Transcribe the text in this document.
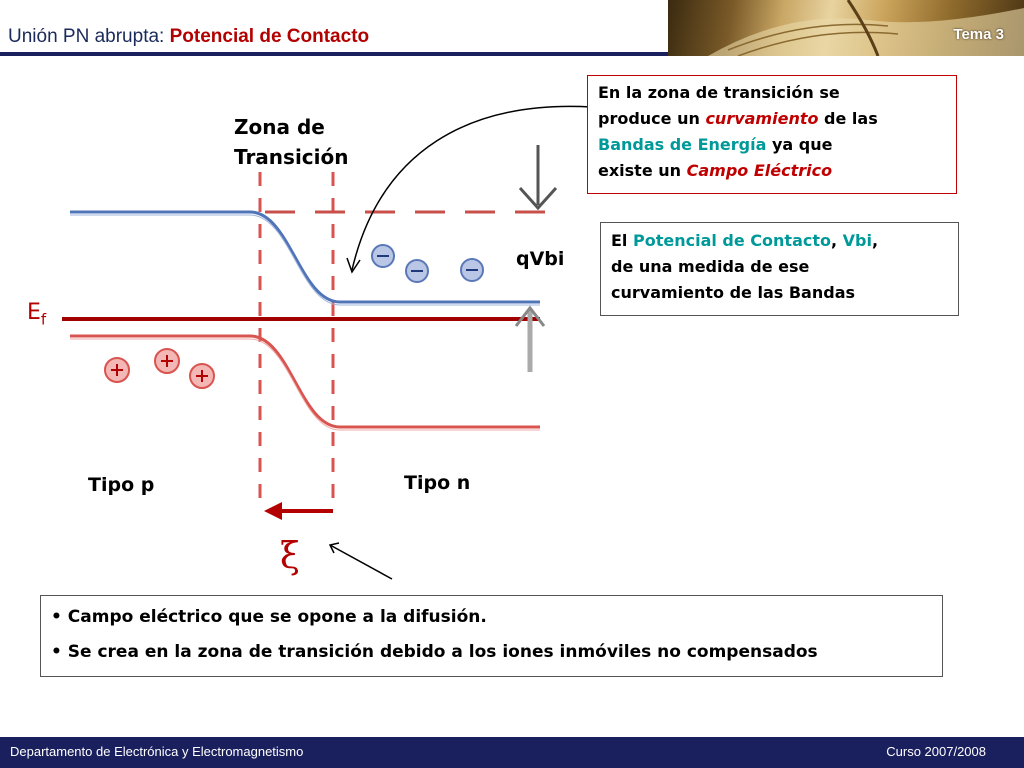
Unión PN abrupta: Potencial de Contacto	Tema 3
Zona de
Transición
$E_f$
qVbi
Tipo p	Tipo n
ξ
En la zona de transición se
produce un curvamiento de las
Bandas de Energía ya que
existe un Campo Eléctrico
El Potencial de Contacto, Vbi,
de una medida de ese
curvamiento de las Bandas
• Campo eléctrico que se opone a la difusión.
• Se crea en la zona de transición debido a los iones inmóviles no compensados
Departamento de Electrónica y Electromagnetismo	Curso 2007/2008
